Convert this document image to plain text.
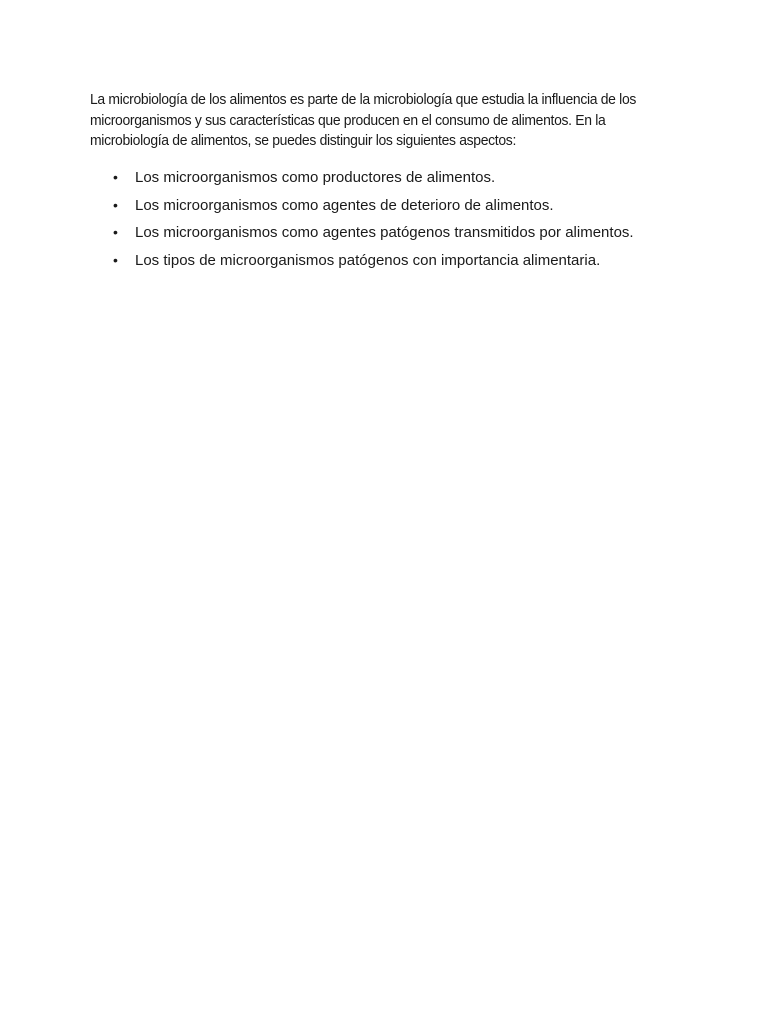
La microbiología de los alimentos es parte de la microbiología que estudia la influencia de los
microorganismos y sus características que producen en el consumo de alimentos. En la
microbiología de alimentos, se puedes distinguir los siguientes aspectos:

•	Los microorganismos como productores de alimentos.
•	Los microorganismos como agentes de deterioro de alimentos.
•	Los microorganismos como agentes patógenos transmitidos por alimentos.
•	Los tipos de microorganismos patógenos con importancia alimentaria.
